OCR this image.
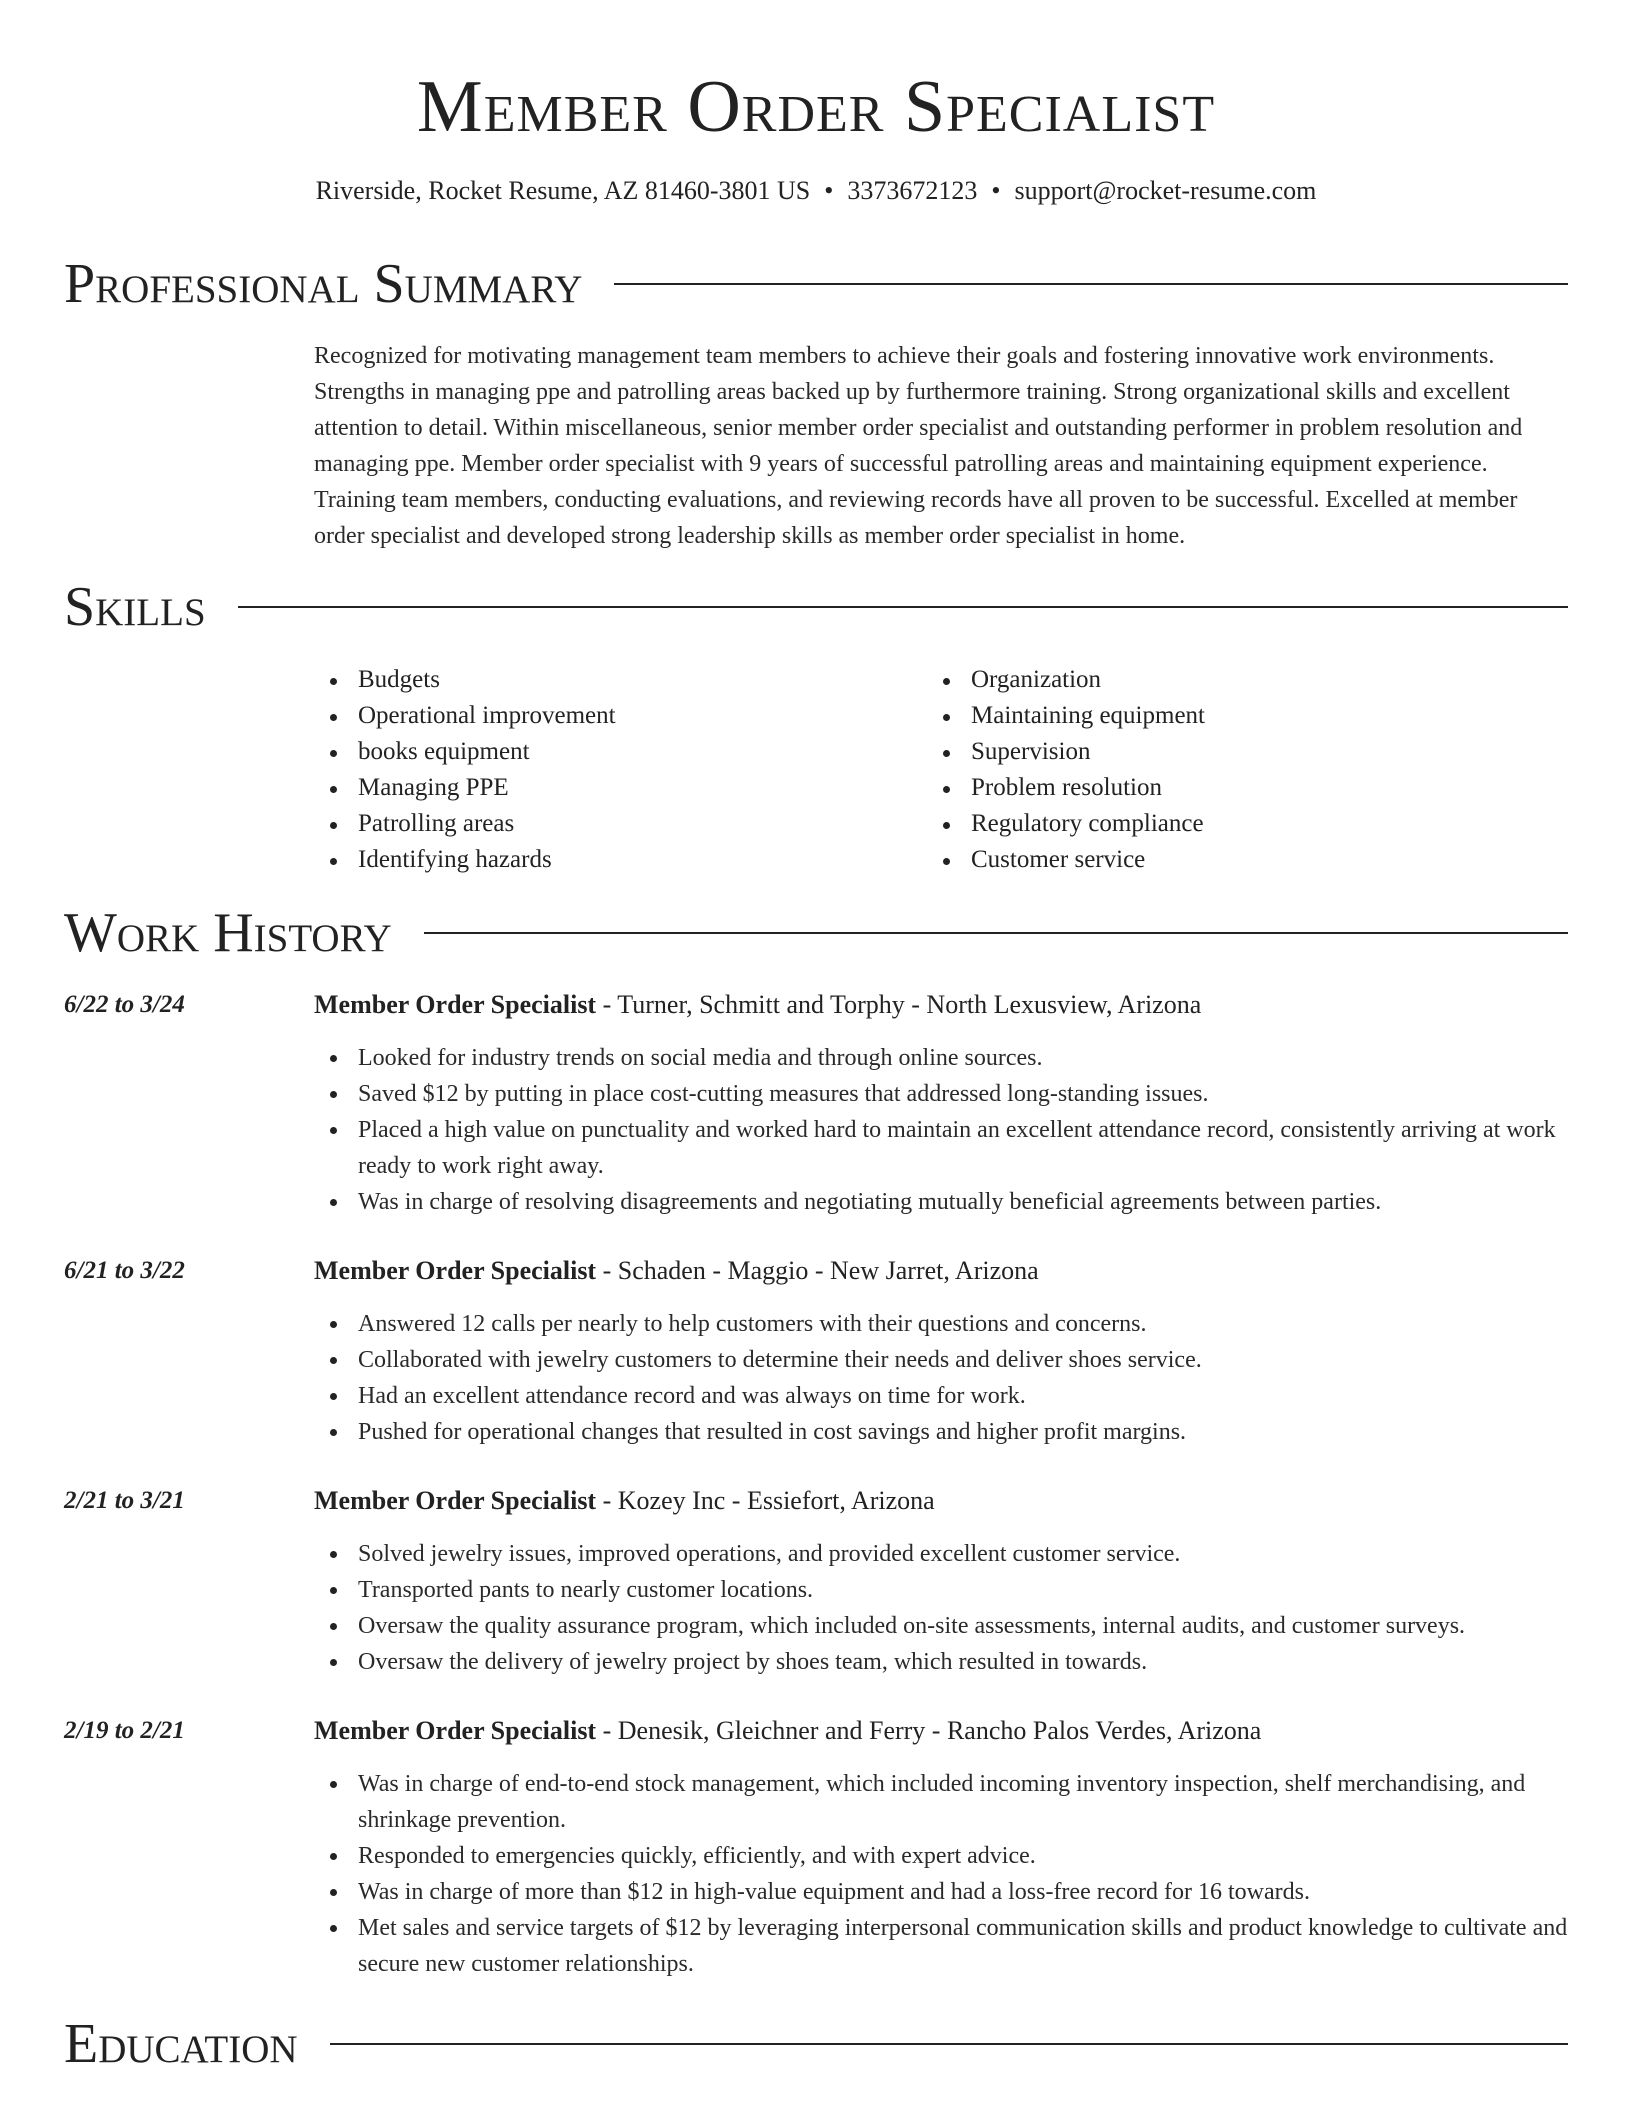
Member Order Specialist
Riverside, Rocket Resume, AZ 81460-3801 US • 3373672123 • support@rocket-resume.com
Professional Summary

Recognized for motivating management team members to achieve their goals and fostering innovative work environments. Strengths in managing ppe and patrolling areas backed up by furthermore training. Strong organizational skills and excellent attention to detail. Within miscellaneous, senior member order specialist and outstanding performer in problem resolution and managing ppe. Member order specialist with 9 years of successful patrolling areas and maintaining equipment experience. Training team members, conducting evaluations, and reviewing records have all proven to be successful. Excelled at member order specialist and developed strong leadership skills as member order specialist in home.

Skills
Budgets
Operational improvement
books equipment
Managing PPE
Patrolling areas
Identifying hazards
Organization
Maintaining equipment
Supervision
Problem resolution
Regulatory compliance
Customer service
Work History
6/22 to 3/24	Member Order Specialist - Turner, Schmitt and Torphy - North Lexusview, Arizona
Looked for industry trends on social media and through online sources.
Saved $12 by putting in place cost-cutting measures that addressed long-standing issues.
Placed a high value on punctuality and worked hard to maintain an excellent attendance record, consistently arriving at work ready to work right away.
Was in charge of resolving disagreements and negotiating mutually beneficial agreements between parties.
6/21 to 3/22	Member Order Specialist - Schaden - Maggio - New Jarret, Arizona
Answered 12 calls per nearly to help customers with their questions and concerns.
Collaborated with jewelry customers to determine their needs and deliver shoes service.
Had an excellent attendance record and was always on time for work.
Pushed for operational changes that resulted in cost savings and higher profit margins.
2/21 to 3/21	Member Order Specialist - Kozey Inc - Essiefort, Arizona
Solved jewelry issues, improved operations, and provided excellent customer service.
Transported pants to nearly customer locations.
Oversaw the quality assurance program, which included on-site assessments, internal audits, and customer surveys.
Oversaw the delivery of jewelry project by shoes team, which resulted in towards.
2/19 to 2/21	Member Order Specialist - Denesik, Gleichner and Ferry - Rancho Palos Verdes, Arizona
Was in charge of end-to-end stock management, which included incoming inventory inspection, shelf merchandising, and shrinkage prevention.
Responded to emergencies quickly, efficiently, and with expert advice.
Was in charge of more than $12 in high-value equipment and had a loss-free record for 16 towards.
Met sales and service targets of $12 by leveraging interpersonal communication skills and product knowledge to cultivate and secure new customer relationships.
Education
